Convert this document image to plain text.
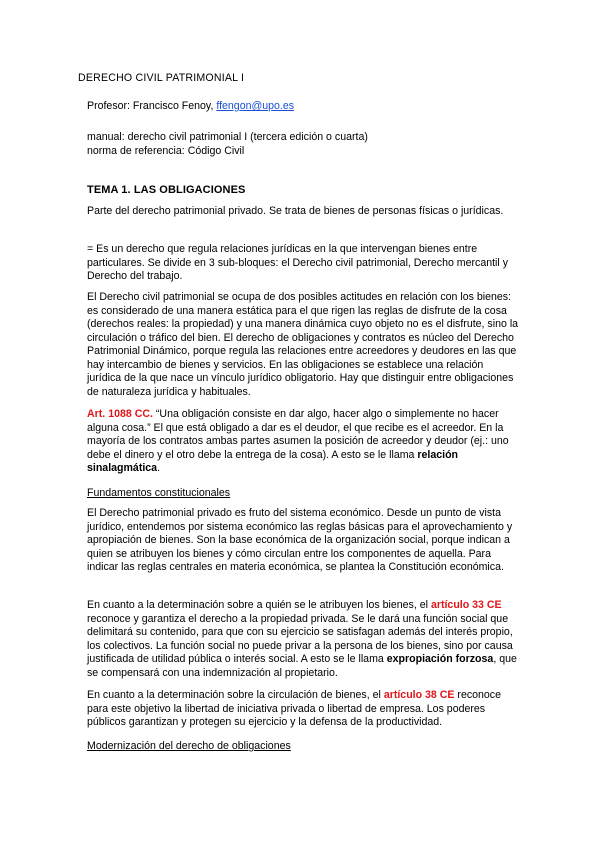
DERECHO CIVIL PATRIMONIAL I
Profesor: Francisco Fenoy, ffengon@upo.es

manual: derecho civil patrimonial I (tercera edición o cuarta)

norma de referencia: Código Civil

TEMA 1. LAS OBLIGACIONES

Parte del derecho patrimonial privado. Se trata de bienes de personas físicas o jurídicas.

= Es un derecho que regula relaciones jurídicas en la que intervengan bienes entre particulares. Se divide en 3 sub-bloques: el Derecho civil patrimonial, Derecho mercantil y Derecho del trabajo.

El Derecho civil patrimonial se ocupa de dos posibles actitudes en relación con los bienes: es considerado de una manera estática para el que rigen las reglas de disfrute de la cosa (derechos reales: la propiedad) y una manera dinámica cuyo objeto no es el disfrute, sino la circulación o tráfico del bien. El derecho de obligaciones y contratos es núcleo del Derecho Patrimonial Dinámico, porque regula las relaciones entre acreedores y deudores en las que hay intercambio de bienes y servicios. En las obligaciones se establece una relación jurídica de la que nace un vínculo jurídico obligatorio. Hay que distinguir entre obligaciones de naturaleza jurídica y habituales.

Art. 1088 CC. “Una obligación consiste en dar algo, hacer algo o simplemente no hacer alguna cosa.” El que está obligado a dar es el deudor, el que recibe es el acreedor. En la mayoría de los contratos ambas partes asumen la posición de acreedor y deudor (ej.: uno debe el dinero y el otro debe la entrega de la cosa). A esto se le llama relación sinalagmática.

Fundamentos constitucionales

El Derecho patrimonial privado es fruto del sistema económico. Desde un punto de vista jurídico, entendemos por sistema económico las reglas básicas para el aprovechamiento y apropiación de bienes. Son la base económica de la organización social, porque indican a quien se atribuyen los bienes y cómo circulan entre los componentes de aquella. Para indicar las reglas centrales en materia económica, se plantea la Constitución económica.

En cuanto a la determinación sobre a quién se le atribuyen los bienes, el artículo 33 CE reconoce y garantiza el derecho a la propiedad privada. Se le dará una función social que delimitará su contenido, para que con su ejercicio se satisfagan además del interés propio, los colectivos. La función social no puede privar a la persona de los bienes, sino por causa justificada de utilidad pública o interés social. A esto se le llama expropiación forzosa, que se compensará con una indemnización al propietario.

En cuanto a la determinación sobre la circulación de bienes, el artículo 38 CE reconoce para este objetivo la libertad de iniciativa privada o libertad de empresa. Los poderes públicos garantizan y protegen su ejercicio y la defensa de la productividad.

Modernización del derecho de obligaciones
